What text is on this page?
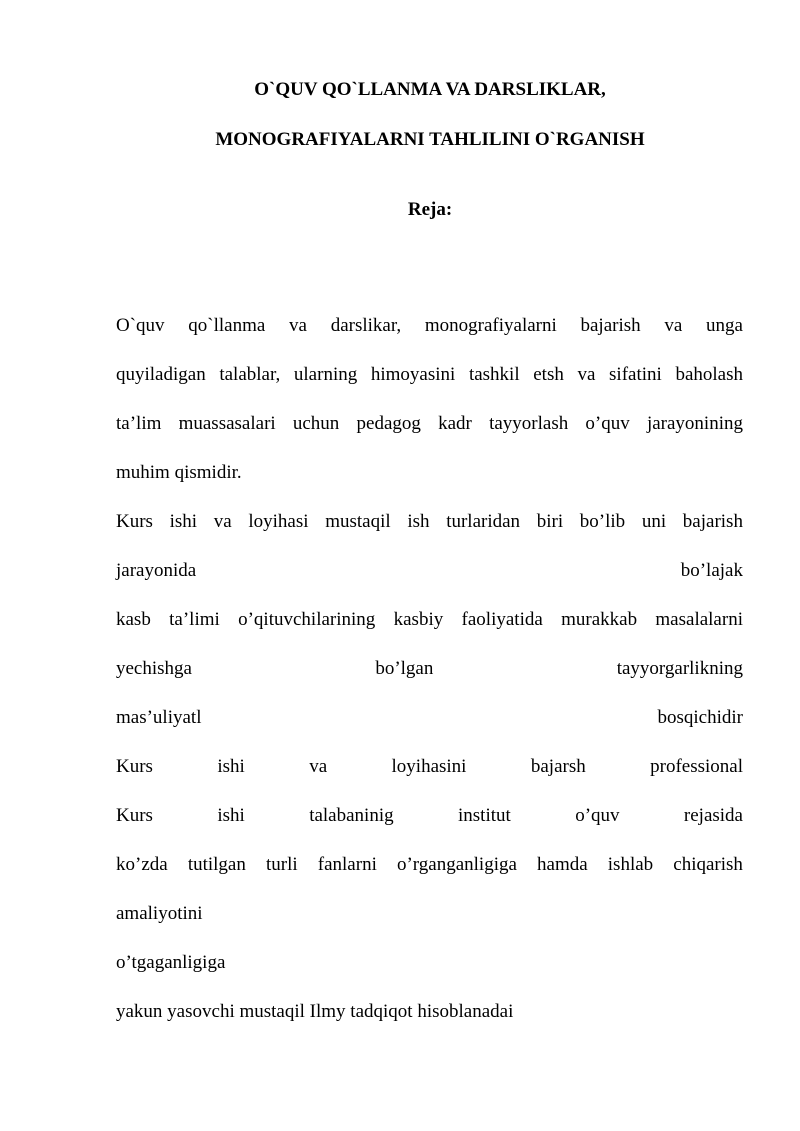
O`QUV QO`LLANMA VA DARSLIKLAR,

MONOGRAFIYALARNI TAHLILINI O`RGANISH

Reja:

O`quv qo`llanma va darslikar, monografiyalarni bajarish va unga

quyiladigan talablar, ularning himoyasini tashkil etsh va sifatini baholash

ta’lim muassasalari uchun pedagog kadr tayyorlash o’quv jarayonining

muhim qismidir.

Kurs ishi va loyihasi mustaqil ish turlaridan biri bo’lib uni bajarish

jarayonida	bo’lajak

kasb ta’limi o’qituvchilarining kasbiy faoliyatida murakkab masalalarni

yechishga	bo’lgan	tayyorgarlikning

mas’uliyatl	bosqichidir

Kurs	ishi	va	loyihasini	bajarsh	professional

Kurs	ishi	talabaninig	institut	o’quv	rejasida

ko’zda tutilgan turli fanlarni o’rganganligiga hamda ishlab chiqarish

amaliyotini

o’tgaganligiga

yakun yasovchi mustaqil Ilmy tadqiqot hisoblanadai
